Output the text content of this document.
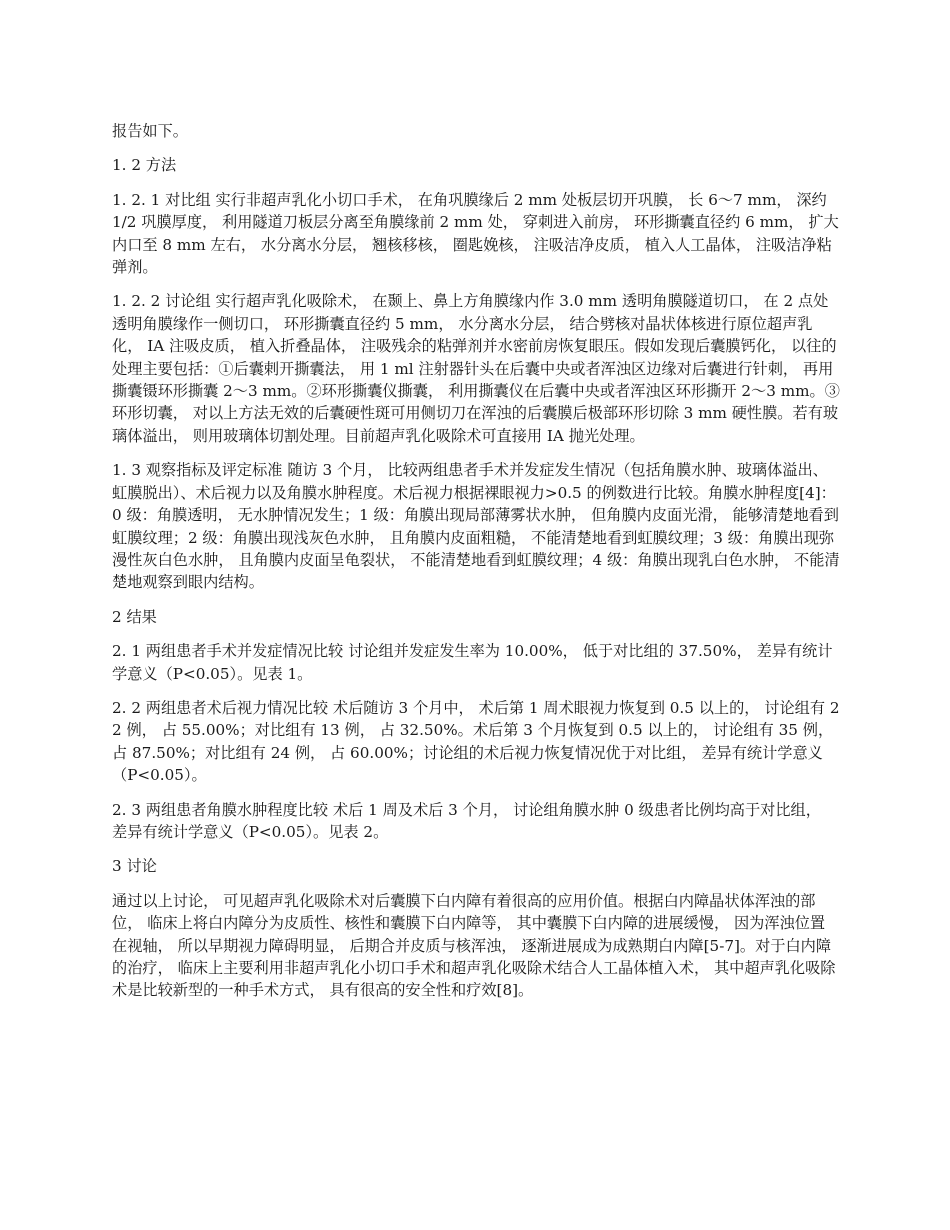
报告如下。

1. 2 方法

1. 2. 1 对比组 实行非超声乳化小切口手术， 在角巩膜缘后 2 mm 处板层切开巩膜， 长 6～7 mm， 深约 1/2 巩膜厚度， 利用隧道刀板层分离至角膜缘前 2 mm 处， 穿刺进入前房， 环形撕囊直径约 6 mm， 扩大内口至 8 mm 左右， 水分离水分层， 翘核移核， 圈匙娩核， 注吸洁净皮质， 植入人工晶体， 注吸洁净粘弹剂。

1. 2. 2 讨论组 实行超声乳化吸除术， 在颞上、鼻上方角膜缘内作 3.0 mm 透明角膜隧道切口， 在 2 点处透明角膜缘作一侧切口， 环形撕囊直径约 5 mm， 水分离水分层， 结合劈核对晶状体核进行原位超声乳化， IA 注吸皮质， 植入折叠晶体， 注吸残余的粘弹剂并水密前房恢复眼压。假如发现后囊膜钙化， 以往的处理主要包括：①后囊剌开撕囊法， 用 1 ml 注射器针头在后囊中央或者浑浊区边缘对后囊进行针刺， 再用撕囊镊环形撕囊 2～3 mm。②环形撕囊仪撕囊， 利用撕囊仪在后囊中央或者浑浊区环形撕开 2～3 mm。③环形切囊， 对以上方法无效的后囊硬性斑可用侧切刀在浑浊的后囊膜后极部环形切除 3 mm 硬性膜。若有玻璃体溢出， 则用玻璃体切割处理。目前超声乳化吸除术可直接用 IA 抛光处理。

1. 3 观察指标及评定标准 随访 3 个月， 比较两组患者手术并发症发生情况（包括角膜水肿、玻璃体溢出、虹膜脱出）、术后视力以及角膜水肿程度。术后视力根据裸眼视力>0.5 的例数进行比较。角膜水肿程度[4]：0 级：角膜透明， 无水肿情况发生；1 级：角膜出现局部薄雾状水肿， 但角膜内皮面光滑， 能够清楚地看到虹膜纹理；2 级：角膜出现浅灰色水肿， 且角膜内皮面粗糙， 不能清楚地看到虹膜纹理；3 级：角膜出现弥漫性灰白色水肿， 且角膜内皮面呈龟裂状， 不能清楚地看到虹膜纹理；4 级：角膜出现乳白色水肿， 不能清楚地观察到眼内结构。

2 结果

2. 1 两组患者手术并发症情况比较 讨论组并发症发生率为 10.00%， 低于对比组的 37.50%， 差异有统计学意义（P<0.05）。见表 1。

2. 2 两组患者术后视力情况比较 术后随访 3 个月中， 术后第 1 周术眼视力恢复到 0.5 以上的， 讨论组有 22 例， 占 55.00%；对比组有 13 例， 占 32.50%。术后第 3 个月恢复到 0.5 以上的， 讨论组有 35 例， 占 87.50%；对比组有 24 例， 占 60.00%；讨论组的术后视力恢复情况优于对比组， 差异有统计学意义（P<0.05）。

2. 3 两组患者角膜水肿程度比较 术后 1 周及术后 3 个月， 讨论组角膜水肿 0 级患者比例均高于对比组， 差异有统计学意义（P<0.05）。见表 2。

3 讨论

通过以上讨论， 可见超声乳化吸除术对后囊膜下白内障有着很高的应用价值。根据白内障晶状体浑浊的部位， 临床上将白内障分为皮质性、核性和囊膜下白内障等， 其中囊膜下白内障的进展缓慢， 因为浑浊位置在视轴， 所以早期视力障碍明显， 后期合并皮质与核浑浊， 逐渐进展成为成熟期白内障[5-7]。对于白内障的治疗， 临床上主要利用非超声乳化小切口手术和超声乳化吸除术结合人工晶体植入术， 其中超声乳化吸除术是比较新型的一种手术方式， 具有很高的安全性和疗效[8]。
